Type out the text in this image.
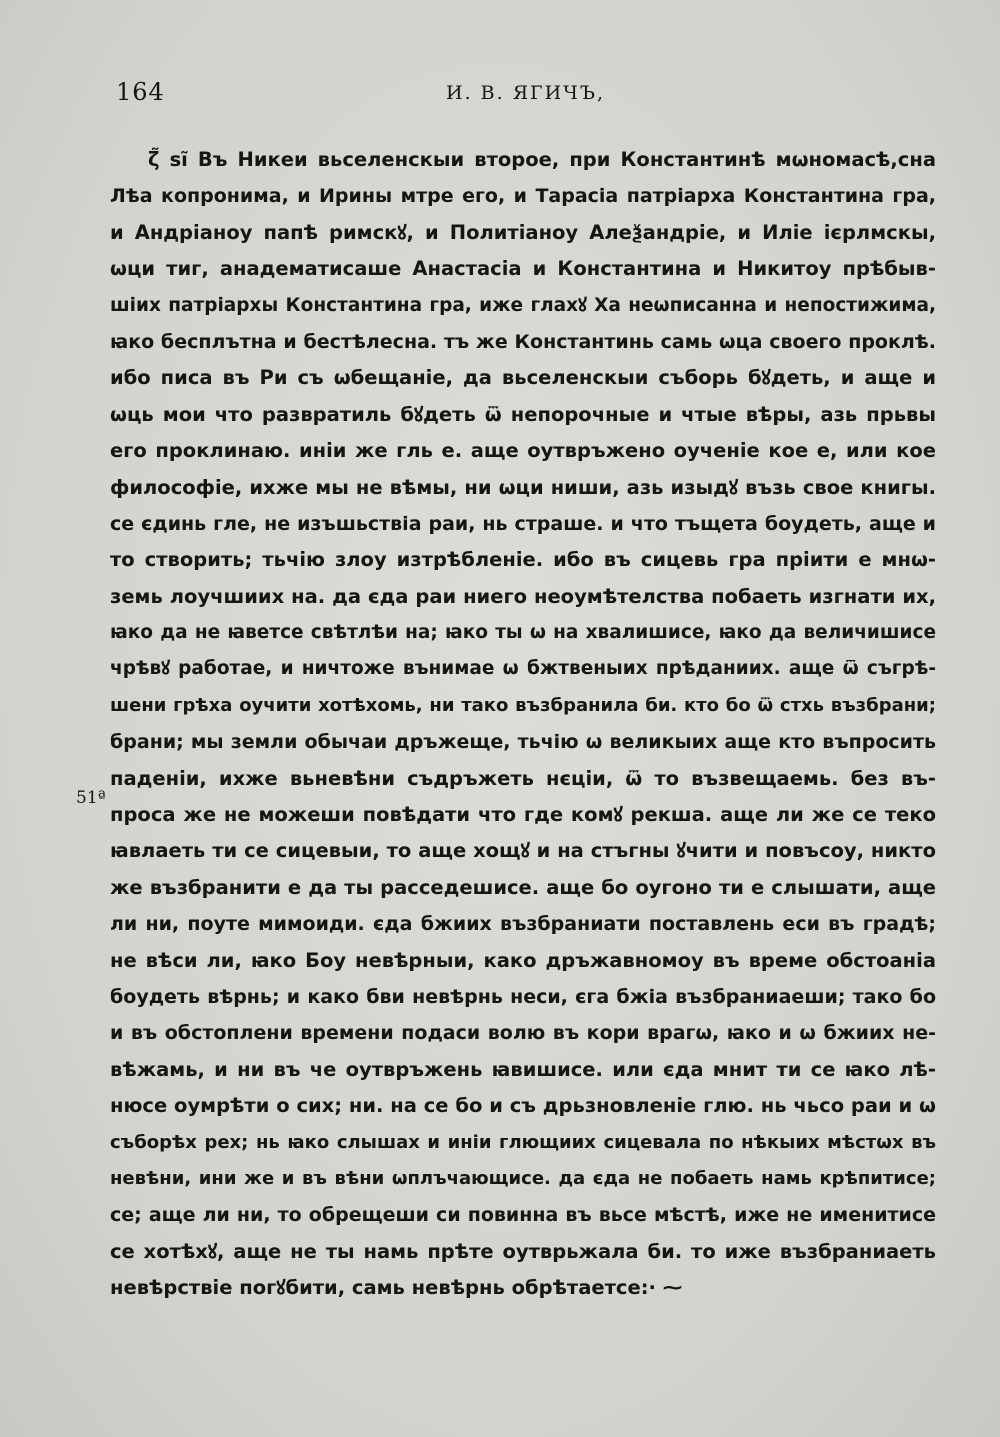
164	И. В. ЯГИЧЪ,
51ª
ζ̃ ѕі̃ Въ Никеи вьселенскыи второе, при Константинѣ мωномасѣ,сна
Лѣа копронима, и Ирины мтре его, и Тарасіа патріарха Константина гра,
и Андріаноу папѣ римскꙋ, и Политіаноу Алеѯандріе, и Иліе ієрлмскы,
ѡци тиг, анадематисаше Анастасіа и Константина и Никитоу прѣбыв-
шіих патріархы Константина гра, иже глахꙋ Ха неѡписанна и непостижима,
ꙗко бесплътна и бестѣлесна. тъ же Константинь самь ѡца своего проклѣ.
ибо писа въ Ри съ ѡбещаніе, да вьселенскыи съборь бꙋдеть, и аще и
ѡць мои что развратиль бꙋдеть ѿ непорочные и чтые вѣры, азь прьвы
его проклинаю. иніи же гль е. аще оутвръжено оученіе кое е, или кое
философіе, ихже мы не вѣмы, ни ѡци ниши, азь изыдꙋ възь свое книгы.
се єдинь гле, не изъшьствіа раи, нь страше. и что тъщета боудеть, аще и
то створить; тьчію злоу изтрѣбленіе. ибо въ сицевь гра пріити е мнѡ-
земь лоучшиих на. да єда раи ниего неоумѣтелства побаеть изгнати их,
ꙗко да не ꙗветсе свѣтлѣи на; ꙗко ты ѡ на хвалишисе, ꙗко да величишисе
чрѣвꙋ работае, и ничтоже вънимае ѡ бжтвеныих прѣданиих. аще ѿ съгрѣ-
шени грѣха оучити хотѣхомь, ни тако възбранила би. кто бо ѿ стхь възбрани;
брани; мы земли обычаи дръжеще, тьчію ѡ великыих аще кто въпросить
паденіи, ихже вьневѣни съдръжеть нєціи, ѿ то възвещаемь. без въ-
проса же не можеши повѣдати что где комꙋ рекша. аще ли же се теко
ꙗвлаеть ти се сицевыи, то аще хощꙋ и на стъгны ꙋчити и повъсоу, никто
же възбранити е да ты расседешисе. аще бо оугоно ти е слышати, аще
ли ни, поуте мимоиди. єда бжиих възбраниати поставлень еси въ градѣ;
не вѣси ли, ꙗко Боу невѣрныи, како дръжавномоу въ време обстоаніа
боудеть вѣрнь; и како бви невѣрнь неси, єга бжіа възбраниаеши; тако бо
и въ обстоплени времени подаси волю въ кори врагѡ, ꙗко и ѡ бжиих не-
вѣжамь, и ни въ че оутвръжень ꙗвишисе. или єда мнит ти се ꙗко лѣ-
нюсе оумрѣти о сих; ни. на се бо и съ дрьзновленіе глю. нь чьсо раи и ѡ
съборѣх рех; нь ꙗко слышах и иніи глющиих сицевала по нѣкыих мѣстѡх въ
невѣни, ини же и въ вѣни ѡплъчающисе. да єда не побаеть намь крѣпитисе;
се; аще ли ни, то обрещеши си повинна въ вьсе мѣстѣ, иже не именитисе
се хотѣхꙋ, аще не ты намь прѣте оутврьжала би. то иже възбраниаеть
невѣрствіе погꙋбити, самь невѣрнь обрѣтаетсе:· ⁓
